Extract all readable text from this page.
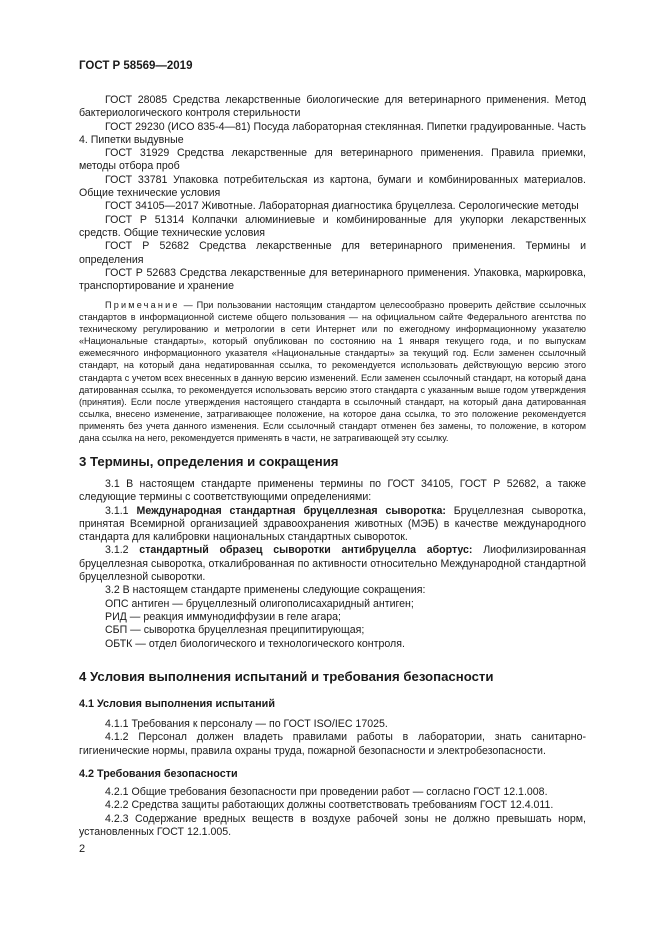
ГОСТ Р 58569—2019

ГОСТ 28085 Средства лекарственные биологические для ветеринарного применения. Метод бактериологического контроля стерильности

ГОСТ 29230 (ИСО 835-4—81) Посуда лабораторная стеклянная. Пипетки градуированные. Часть 4. Пипетки выдувные

ГОСТ 31929 Средства лекарственные для ветеринарного применения. Правила приемки, методы отбора проб

ГОСТ 33781 Упаковка потребительская из картона, бумаги и комбинированных материалов. Общие технические условия

ГОСТ 34105—2017 Животные. Лабораторная диагностика бруцеллеза. Серологические методы

ГОСТ Р 51314 Колпачки алюминиевые и комбинированные для укупорки лекарственных средств. Общие технические условия

ГОСТ Р 52682 Средства лекарственные для ветеринарного применения. Термины и определения

ГОСТ Р 52683 Средства лекарственные для ветеринарного применения. Упаковка, маркировка, транспортирование и хранение

Примечание — При пользовании настоящим стандартом целесообразно проверить действие ссылочных стандартов в информационной системе общего пользования — на официальном сайте Федерального агентства по техническому регулированию и метрологии в сети Интернет или по ежегодному информационному указателю «Национальные стандарты», который опубликован по состоянию на 1 января текущего года, и по выпускам ежемесячного информационного указателя «Национальные стандарты» за текущий год. Если заменен ссылочный стандарт, на который дана недатированная ссылка, то рекомендуется использовать действующую версию этого стандарта с учетом всех внесенных в данную версию изменений. Если заменен ссылочный стандарт, на который дана датированная ссылка, то рекомендуется использовать версию этого стандарта с указанным выше годом утверждения (принятия). Если после утверждения настоящего стандарта в ссылочный стандарт, на который дана датированная ссылка, внесено изменение, затрагивающее положение, на которое дана ссылка, то это положение рекомендуется применять без учета данного изменения. Если ссылочный стандарт отменен без замены, то положение, в котором дана ссылка на него, рекомендуется применять в части, не затрагивающей эту ссылку.

3 Термины, определения и сокращения

3.1 В настоящем стандарте применены термины по ГОСТ 34105, ГОСТ Р 52682, а также следующие термины с соответствующими определениями:

3.1.1 Международная стандартная бруцеллезная сыворотка: Бруцеллезная сыворотка, принятая Всемирной организацией здравоохранения животных (МЭБ) в качестве международного стандарта для калибровки национальных стандартных сывороток.

3.1.2 стандартный образец сыворотки антибруцелла абортус: Лиофилизированная бруцеллезная сыворотка, откалиброванная по активности относительно Международной стандартной бруцеллезной сыворотки.

3.2 В настоящем стандарте применены следующие сокращения:

ОПС антиген — бруцеллезный олигополисахаридный антиген;

РИД — реакция иммунодиффузии в геле агара;

СБП — сыворотка бруцеллезная преципитирующая;

ОБТК — отдел биологического и технологического контроля.

4 Условия выполнения испытаний и требования безопасности

4.1 Условия выполнения испытаний

4.1.1 Требования к персоналу — по ГОСТ ISO/IEC 17025.

4.1.2 Персонал должен владеть правилами работы в лаборатории, знать санитарно-гигиенические нормы, правила охраны труда, пожарной безопасности и электробезопасности.

4.2 Требования безопасности

4.2.1 Общие требования безопасности при проведении работ — согласно ГОСТ 12.1.008.

4.2.2 Средства защиты работающих должны соответствовать требованиям ГОСТ 12.4.011.

4.2.3 Содержание вредных веществ в воздухе рабочей зоны не должно превышать норм, установленных ГОСТ 12.1.005.

2
